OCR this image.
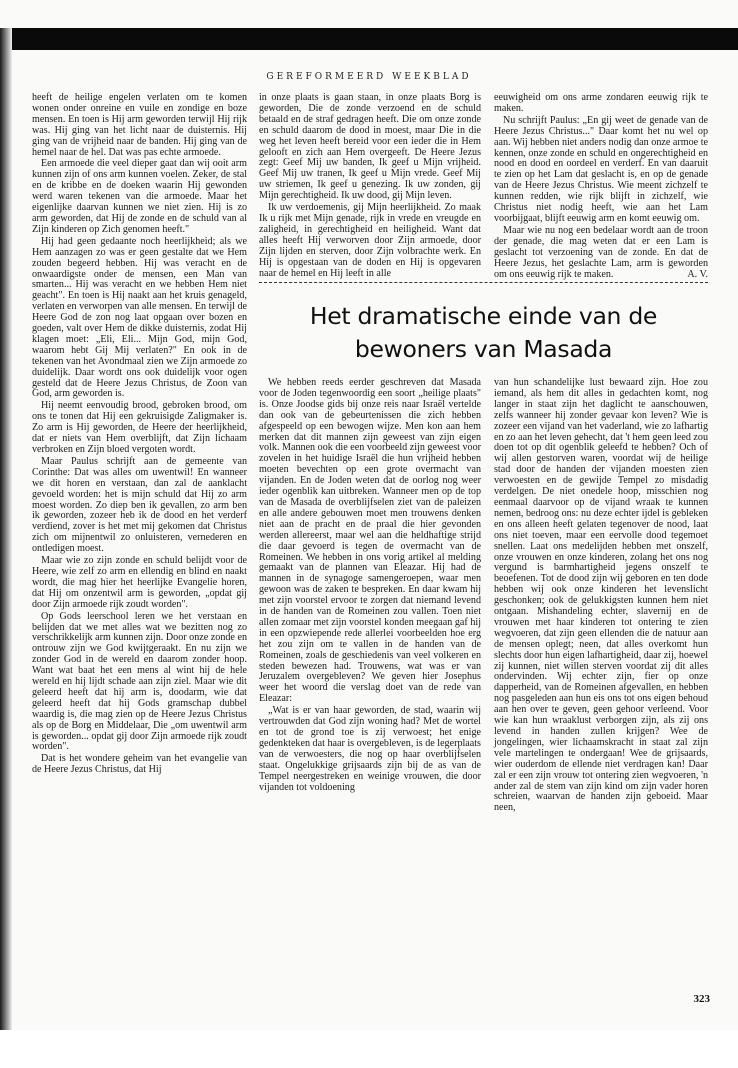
GEREFORMEERD WEEKBLAD

heeft de heilige engelen verlaten om te komen wonen onder onreine en vuile en zondige en boze mensen. En toen is Hij arm geworden terwijl Hij rijk was. Hij ging van het licht naar de duisternis. Hij ging van de vrijheid naar de banden. Hij ging van de hemel naar de hel. Dat was pas echte armoede.

Een armoede die veel dieper gaat dan wij ooit arm kunnen zijn of ons arm kunnen voelen. Zeker, de stal en de kribbe en de doeken waarin Hij gewonden werd waren tekenen van die armoede. Maar het eigenlijke daarvan kunnen we niet zien. Hij is zo arm geworden, dat Hij de zonde en de schuld van al Zijn kinderen op Zich genomen heeft."

Hij had geen gedaante noch heerlijkheid; als we Hem aanzagen zo was er geen gestalte dat we Hem zouden begeerd hebben. Hij was veracht en de onwaardigste onder de mensen, een Man van smarten... Hij was veracht en we hebben Hem niet geacht". En toen is Hij naakt aan het kruis genageld, verlaten en verworpen van alle mensen. En terwijl de Heere God de zon nog laat opgaan over bozen en goeden, valt over Hem de dikke duisternis, zodat Hij klagen moet: „Eli, Eli... Mijn God, mijn God, waarom hebt Gij Mij verlaten?" En ook in de tekenen van het Avondmaal zien we Zijn armoede zo duidelijk. Daar wordt ons ook duidelijk voor ogen gesteld dat de Heere Jezus Christus, de Zoon van God, arm geworden is.

Hij neemt eenvoudig brood, gebroken brood, om ons te tonen dat Hij een gekruisigde Zaligmaker is. Zo arm is Hij geworden, de Heere der heerlijkheid, dat er niets van Hem overblijft, dat Zijn lichaam verbroken en Zijn bloed vergoten wordt.

Maar Paulus schrijft aan de gemeente van Corinthe: Dat was alles om uwentwil! En wanneer we dit horen en verstaan, dan zal de aanklacht gevoeld worden: het is mijn schuld dat Hij zo arm moest worden. Zo diep ben ik gevallen, zo arm ben ik geworden, zozeer heb ik de dood en het verderf verdiend, zover is het met mij gekomen dat Christus zich om mijnentwil zo onluisteren, vernederen en ontledigen moest.

Maar wie zo zijn zonde en schuld belijdt voor de Heere, wie zelf zo arm en ellendig en blind en naakt wordt, die mag hier het heerlijke Evangelie horen, dat Hij om onzentwil arm is geworden, „opdat gij door Zijn armoede rijk zoudt worden".

Op Gods leerschool leren we het verstaan en belijden dat we met alles wat we bezitten nog zo verschrikkelijk arm kunnen zijn. Door onze zonde en ontrouw zijn we God kwijtgeraakt. En nu zijn we zonder God in de wereld en daarom zonder hoop. Want wat baat het een mens al wint hij de hele wereld en hij lijdt schade aan zijn ziel. Maar wie dit geleerd heeft dat hij arm is, doodarm, wie dat geleerd heeft dat hij Gods gramschap dubbel waardig is, die mag zien op de Heere Jezus Christus als op de Borg en Middelaar, Die „om uwentwil arm is geworden... opdat gij door Zijn armoede rijk zoudt worden".

Dat is het wondere geheim van het evangelie van de Heere Jezus Christus, dat Hij

in onze plaats is gaan staan, in onze plaats Borg is geworden, Die de zonde verzoend en de schuld betaald en de straf gedragen heeft. Die om onze zonde en schuld daarom de dood in moest, maar Die in die weg het leven heeft bereid voor een ieder die in Hem gelooft en zich aan Hem overgeeft. De Heere Jezus zegt: Geef Mij uw banden, Ik geef u Mijn vrijheid. Geef Mij uw tranen, Ik geef u Mijn vrede. Geef Mij uw striemen, Ik geef u genezing. Ik uw zonden, gij Mijn gerechtigheid. Ik uw dood, gij Mijn leven.

Ik uw verdoemenis, gij Mijn heerlijkheid. Zo maak Ik u rijk met Mijn genade, rijk in vrede en vreugde en zaligheid, in gerechtigheid en heiligheid. Want dat alles heeft Hij verworven door Zijn armoede, door Zijn lijden en sterven, door Zijn volbrachte werk. En Hij is opgestaan van de doden en Hij is opgevaren naar de hemel en Hij leeft in alle

eeuwigheid om ons arme zondaren eeuwig rijk te maken.

Nu schrijft Paulus: „En gij weet de genade van de Heere Jezus Christus..." Daar komt het nu wel op aan. Wij hebben niet anders nodig dan onze armoe te kennen, onze zonde en schuld en ongerechtigheid en nood en dood en oordeel en verderf. En van daaruit te zien op het Lam dat geslacht is, en op de genade van de Heere Jezus Christus. Wie meent zichzelf te kunnen redden, wie rijk blijft in zichzelf, wie Christus niet nodig heeft, wie aan het Lam voorbijgaat, blijft eeuwig arm en komt eeuwig om.

Maar wie nu nog een bedelaar wordt aan de troon der genade, die mag weten dat er een Lam is geslacht tot verzoening van de zonde. En dat de Heere Jezus, het geslachte Lam, arm is geworden om ons eeuwig rijk te maken.	A. V.
Het dramatische einde van de
bewoners van Masada

We hebben reeds eerder geschreven dat Masada voor de Joden tegenwoordig een soort „heilige plaats" is. Onze Joodse gids bij onze reis naar Israël vertelde dan ook van de gebeurtenissen die zich hebben afgespeeld op een bewogen wijze. Men kon aan hem merken dat dit mannen zijn geweest van zijn eigen volk. Mannen ook die een voorbeeld zijn geweest voor zovelen in het huidige Israël die hun vrijheid hebben moeten bevechten op een grote overmacht van vijanden. En de Joden weten dat de oorlog nog weer ieder ogenblik kan uitbreken. Wanneer men op de top van de Masada de overblijfselen ziet van de paleizen en alle andere gebouwen moet men trouwens denken niet aan de pracht en de praal die hier gevonden werden allereerst, maar wel aan die heldhaftige strijd die daar gevoerd is tegen de overmacht van de Romeinen. We hebben in ons vorig artikel al melding gemaakt van de plannen van Eleazar. Hij had de mannen in de synagoge samengeroepen, waar men gewoon was de zaken te bespreken. En daar kwam hij met zijn voorstel ervoor te zorgen dat niemand levend in de handen van de Romeinen zou vallen. Toen niet allen zomaar met zijn voorstel konden meegaan gaf hij in een opzwiepende rede allerlei voorbeelden hoe erg het zou zijn om te vallen in de handen van de Romeinen, zoals de geschiedenis van veel volkeren en steden bewezen had. Trouwens, wat was er van Jeruzalem overgebleven? We geven hier Josephus weer het woord die verslag doet van de rede van Eleazar:

„Wat is er van haar geworden, de stad, waarin wij vertrouwden dat God zijn woning had? Met de wortel en tot de grond toe is zij verwoest; het enige gedenkteken dat haar is overgebleven, is de legerplaats van de verwoesters, die nog op haar overblijfselen staat. Ongelukkige grijsaards zijn bij de as van de Tempel neergestreken en weinige vrouwen, die door vijanden tot voldoening

van hun schandelijke lust bewaard zijn. Hoe zou iemand, als hem dit alles in gedachten komt, nog langer in staat zijn het daglicht te aanschouwen, zelfs wanneer hij zonder gevaar kon leven? Wie is zozeer een vijand van het vaderland, wie zo lafhartig en zo aan het leven gehecht, dat 't hem geen leed zou doen tot op dit ogenblik geleefd te hebben? Och of wij allen gestorven waren, voordat wij de heilige stad door de handen der vijanden moesten zien verwoesten en de gewijde Tempel zo misdadig verdelgen. De niet onedele hoop, misschien nog eenmaal daarvoor op de vijand wraak te kunnen nemen, bedroog ons: nu deze echter ijdel is gebleken en ons alleen heeft gelaten tegenover de nood, laat ons niet toeven, maar een eervolle dood tegemoet snellen. Laat ons medelijden hebben met onszelf, onze vrouwen en onze kinderen, zolang het ons nog vergund is barmhartigheid jegens onszelf te beoefenen. Tot de dood zijn wij geboren en ten dode hebben wij ook onze kinderen het levenslicht geschonken; ook de gelukkigsten kunnen hem niet ontgaan. Mishandeling echter, slavernij en de vrouwen met haar kinderen tot ontering te zien wegvoeren, dat zijn geen ellenden die de natuur aan de mensen oplegt; neen, dat alles overkomt hun slechts door hun eigen lafhartigheid, daar zij, hoewel zij kunnen, niet willen sterven voordat zij dit alles ondervinden. Wij echter zijn, fier op onze dapperheid, van de Romeinen afgevallen, en hebben nog pasgeleden aan hun eis ons tot ons eigen behoud aan hen over te geven, geen gehoor verleend. Voor wie kan hun wraaklust verborgen zijn, als zij ons levend in handen zullen krijgen? Wee de jongelingen, wier lichaamskracht in staat zal zijn vele martelingen te ondergaan! Wee de grijsaards, wier ouderdom de ellende niet verdragen kan! Daar zal er een zijn vrouw tot ontering zien wegvoeren, 'n ander zal de stem van zijn kind om zijn vader horen schreien, waarvan de handen zijn geboeid. Maar neen,

323
